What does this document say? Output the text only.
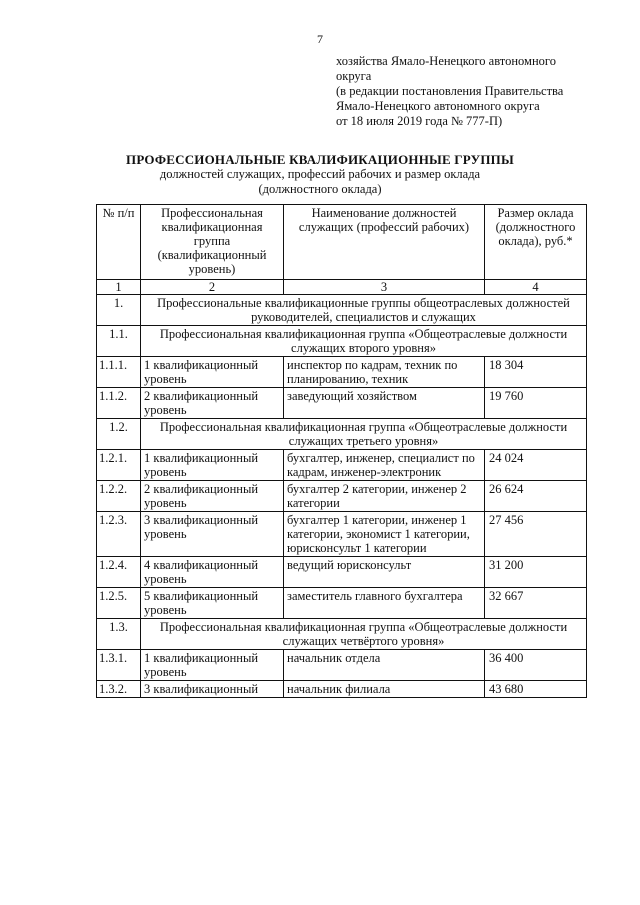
7
хозяйства Ямало-Ненецкого автономного
округа
(в редакции постановления Правительства
Ямало-Ненецкого автономного округа
от 18 июля 2019 года № 777-П)
ПРОФЕССИОНАЛЬНЫЕ КВАЛИФИКАЦИОННЫЕ ГРУППЫ
должностей служащих, профессий рабочих и размер оклада
(должностного оклада)
№ п/п	Профессиональная квалификационная группа (квалификационный уровень)	Наименование должностей служащих (профессий рабочих)	Размер оклада (должностного оклада), руб.*
1	2	3	4
1.	Профессиональные квалификационные группы общеотраслевых должностей руководителей, специалистов и служащих		
1.1.	Профессиональная квалификационная группа «Общеотраслевые должности служащих второго уровня»		
1.1.1.	1 квалификационный уровень	инспектор по кадрам, техник по планированию, техник	18 304
1.1.2.	2 квалификационный уровень	заведующий хозяйством	19 760
1.2.	Профессиональная квалификационная группа «Общеотраслевые должности служащих третьего уровня»		
1.2.1.	1 квалификационный уровень	бухгалтер, инженер, специалист по кадрам, инженер-электроник	24 024
1.2.2.	2 квалификационный уровень	бухгалтер 2 категории, инженер 2 категории	26 624
1.2.3.	3 квалификационный уровень	бухгалтер 1 категории, инженер 1 категории, экономист 1 категории, юрисконсульт 1 категории	27 456
1.2.4.	4 квалификационный уровень	ведущий юрисконсульт	31 200
1.2.5.	5 квалификационный уровень	заместитель главного бухгалтера	32 667
1.3.	Профессиональная квалификационная группа «Общеотраслевые должности служащих четвёртого уровня»		
1.3.1.	1 квалификационный уровень	начальник отдела	36 400
1.3.2.	3 квалификационный	начальник филиала	43 680
